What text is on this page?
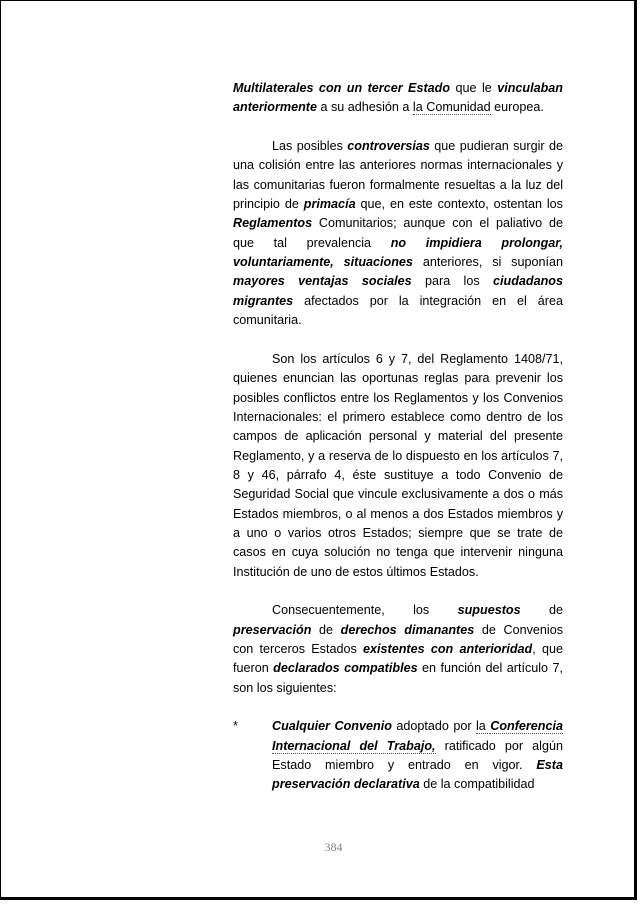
Multilaterales con un tercer Estado que le vinculaban anteriormente a su adhesión a la Comunidad europea.

Las posibles controversias que pudieran surgir de una colisión entre las anteriores normas internacionales y las comunitarias fueron formalmente resueltas a la luz del principio de primacía que, en este contexto, ostentan los Reglamentos Comunitarios; aunque con el paliativo de que tal prevalencia no impidiera prolongar, voluntariamente, situaciones anteriores, si suponían mayores ventajas sociales para los ciudadanos migrantes afectados por la integración en el área comunitaria.

Son los artículos 6 y 7, del Reglamento 1408/71, quienes enuncian las oportunas reglas para prevenir los posibles conflictos entre los Reglamentos y los Convenios Internacionales: el primero establece como dentro de los campos de aplicación personal y material del presente Reglamento, y a reserva de lo dispuesto en los artículos 7, 8 y 46, párrafo 4, éste sustituye a todo Convenio de Seguridad Social que vincule exclusivamente a dos o más Estados miembros, o al menos a dos Estados miembros y a uno o varios otros Estados; siempre que se trate de casos en cuya solución no tenga que intervenir ninguna Institución de uno de estos últimos Estados.

Consecuentemente, los supuestos de preservación de derechos dimanantes de Convenios con terceros Estados existentes con anterioridad, que fueron declarados compatibles en función del artículo 7, son los siguientes:

*	Cualquier Convenio adoptado por la Conferencia Internacional del Trabajo, ratificado por algún Estado miembro y entrado en vigor. Esta preservación declarativa de la compatibilidad

384
